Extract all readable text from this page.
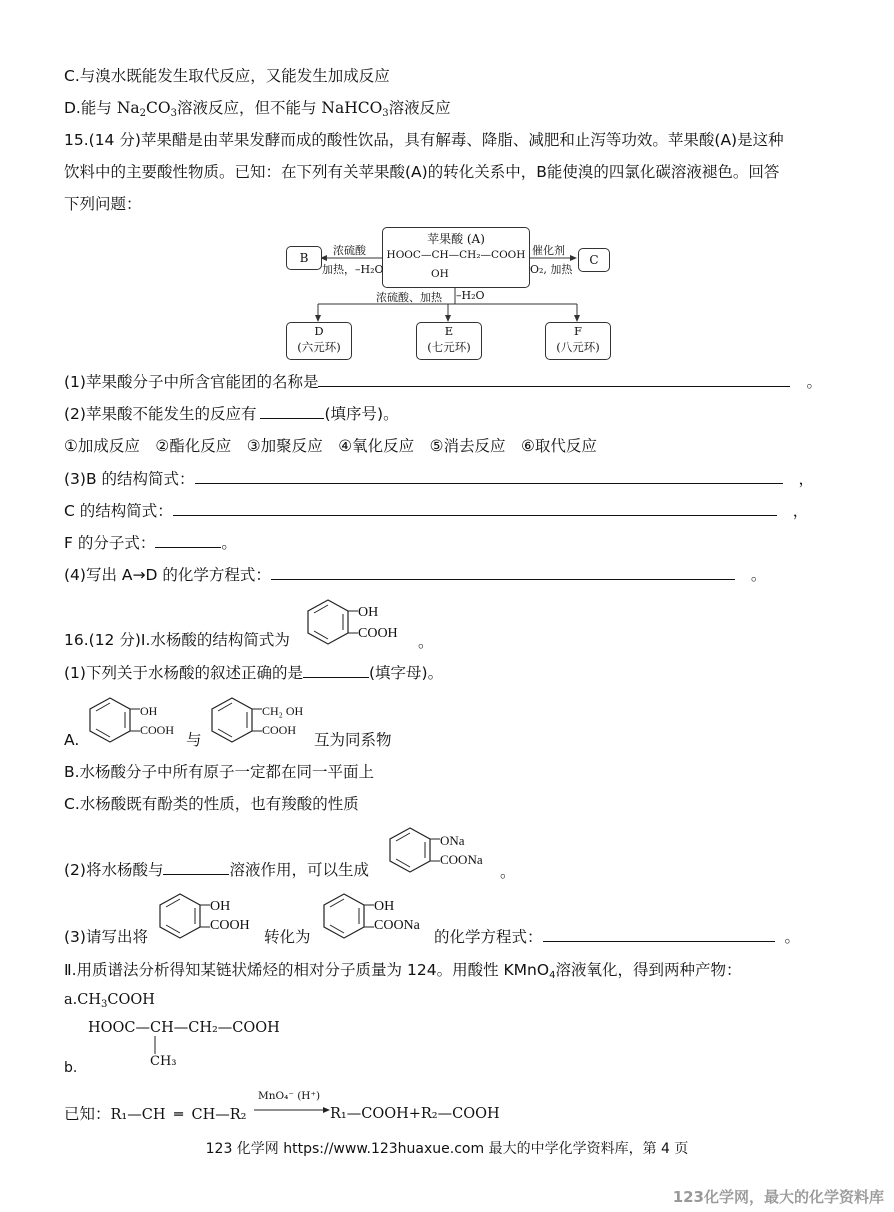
C.与溴水既能发生取代反应，又能发生加成反应
D.能与 $Na_2CO_3$溶液反应，但不能与 NaHCO$_3$溶液反应
15.(14 分)苹果醋是由苹果发酵而成的酸性饮品，具有解毒、降脂、减肥和止泻等功效。苹果酸(A)是这种
饮料中的主要酸性物质。已知：在下列有关苹果酸(A)的转化关系中，B能使溴的四氯化碳溶液褪色。回答
下列问题：
苹果酸 (A)
HOOC—CH—CH₂—COOH
OH
B	C
浓硫酸
加热，–H₂O
催化剂
O₂, 加热
浓硫酸、加热 –H₂O
D
(六元环)
E
(七元环)
F
(八元环)
(1)苹果酸分子中所含官能团的名称是	。
(2)苹果酸不能发生的反应有	(填序号)。
①加成反应　②酯化反应　③加聚反应　④氧化反应　⑤消去反应　⑥取代反应
(3)B 的结构简式：	，
C 的结构简式：	，
F 的分子式：	。
(4)写出 A→D 的化学方程式：	。
16.(12 分)Ⅰ.水杨酸的结构简式为
OH
COOH 。
(1)下列关于水杨酸的叙述正确的是	(填字母)。
A.
OH
COOH
与
CH₂ OH
COOH
互为同系物
B.水杨酸分子中所有原子一定都在同一平面上
C.水杨酸既有酚类的性质，也有羧酸的性质
(2)将水杨酸与	溶液作用，可以生成
ONa
COONa
。
(3)请写出将
OH
COOH
转化为
OH
COONa
的化学方程式：	。
Ⅱ.用质谱法分析得知某链状烯烃的相对分子质量为 124。用酸性 KMnO$_4$溶液氧化，得到两种产物：
$a.CH_3COOH$
HOOC—CH—CH₂—COOH
CH₃
b.
已知：R₁—CH ═ CH—R₂
MnO₄⁻ (H⁺)
R₁—COOH+R₂—COOH
123 化学网 https://www.123huaxue.com 最大的中学化学资料库，第 4 页
123化学网，最大的化学资料库
